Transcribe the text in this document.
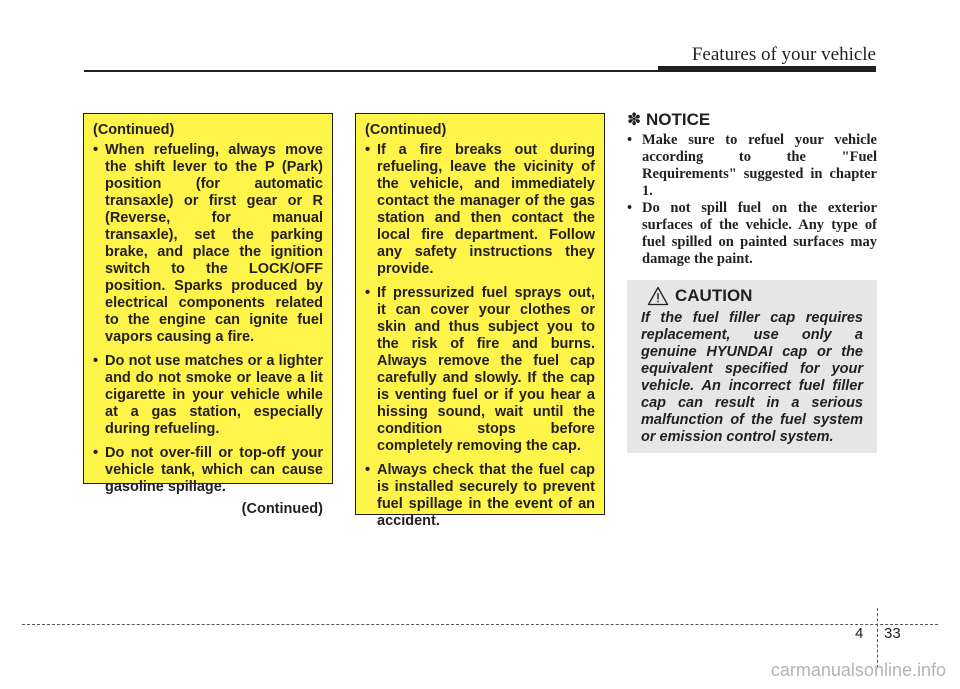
Features of your vehicle
(Continued)
• When refueling, always move the shift lever to the P (Park) position (for automatic transaxle) or first gear or R (Reverse, for manual transaxle), set the parking brake, and place the ignition switch to the LOCK/OFF position. Sparks produced by electrical components related to the engine can ignite fuel vapors causing a fire.
• Do not use matches or a lighter and do not smoke or leave a lit cigarette in your vehicle while at a gas station, especially during refueling.
• Do not over-fill or top-off your vehicle tank, which can cause gasoline spillage.
(Continued)
(Continued)
• If a fire breaks out during refueling, leave the vicinity of the vehicle, and immediately contact the manager of the gas station and then contact the local fire department. Follow any safety instructions they provide.
• If pressurized fuel sprays out, it can cover your clothes or skin and thus subject you to the risk of fire and burns. Always remove the fuel cap carefully and slowly. If the cap is venting fuel or if you hear a hissing sound, wait until the condition stops before completely removing the cap.
• Always check that the fuel cap is installed securely to prevent fuel spillage in the event of an accident.
✽ NOTICE
• Make sure to refuel your vehicle according to the "Fuel Requirements" suggested in chapter 1.
• Do not spill fuel on the exterior surfaces of the vehicle. Any type of fuel spilled on painted surfaces may damage the paint.
CAUTION
If the fuel filler cap requires replacement, use only a genuine HYUNDAI cap or the equivalent specified for your vehicle. An incorrect fuel filler cap can result in a serious malfunction of the fuel system or emission control system.
4 33
carmanualsonline.info
